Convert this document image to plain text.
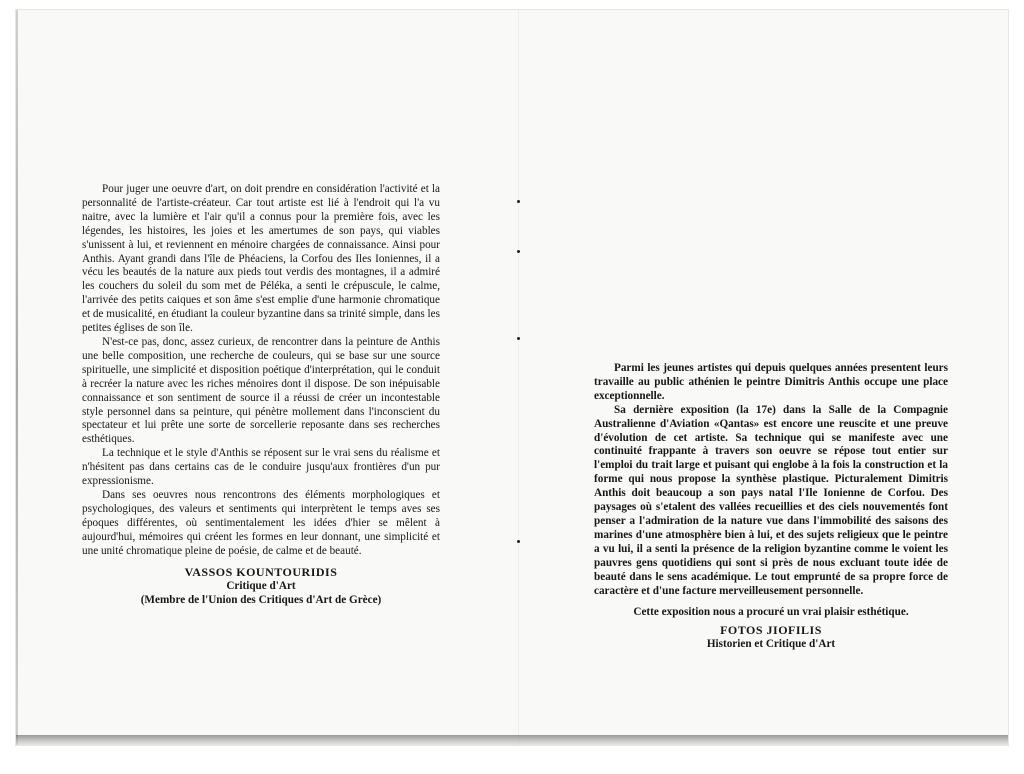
Pour juger une oeuvre d'art, on doit prendre en considération l'activité et la personnalité de l'artiste-créateur. Car tout artiste est lié à l'endroit qui l'a vu naitre, avec la lumière et l'air qu'il a connus pour la première fois, avec les légendes, les histoires, les joies et les amertumes de son pays, qui viables s'unissent à lui, et reviennent en ménoire chargées de connaissance. Ainsi pour Anthis. Ayant grandi dans l'île de Phéaciens, la Corfou des Iles Ioniennes, il a vécu les beautés de la nature aux pieds tout verdis des montagnes, il a admiré les couchers du soleil du som met de Péléka, a senti le crépuscule, le calme, l'arrivée des petits caiques et son âme s'est emplie d'une harmonie chromatique et de musicalité, en étudiant la couleur byzantine dans sa trinité simple, dans les petites églises de son île.

N'est-ce pas, donc, assez curieux, de rencontrer dans la peinture de Anthis une belle composition, une recherche de couleurs, qui se base sur une source spirituelle, une simplicité et disposition poétique d'interprétation, qui le conduit à recréer la nature avec les riches ménoires dont il dispose. De son inépuisable connaissance et son sentiment de source il a réussi de créer un incontestable style personnel dans sa peinture, qui pénètre mollement dans l'inconscient du spectateur et lui prête une sorte de sorcellerie reposante dans ses recherches esthétiques.

La technique et le style d'Anthis se réposent sur le vrai sens du réalisme et n'hésitent pas dans certains cas de le conduire jusqu'aux frontières d'un pur expressionisme.

Dans ses oeuvres nous rencontrons des éléments morphologiques et psychologiques, des valeurs et sentiments qui interprètent le temps aves ses époques différentes, où sentimentalement les idées d'hier se mêlent à aujourd'hui, mémoires qui créent les formes en leur donnant, une simplicité et une unité chromatique pleine de poésie, de calme et de beauté.

VASSOS KOUNTOURIDIS
Critique d'Art
(Membre de l'Union des Critiques d'Art de Grèce)

Parmi les jeunes artistes qui depuis quelques années presentent leurs travaille au public athénien le peintre Dimitris Anthis occupe une place exceptionnelle.

Sa dernière exposition (la 17e) dans la Salle de la Compagnie Australienne d'Aviation «Qantas» est encore une reuscite et une preuve d'évolution de cet artiste. Sa technique qui se manifeste avec une continuité frappante à travers son oeuvre se répose tout entier sur l'emploi du trait large et puisant qui englobe à la fois la construction et la forme qui nous propose la synthèse plastique. Picturalement Dimitris Anthis doit beaucoup a son pays natal l'Ile Ionienne de Corfou. Des paysages où s'etalent des vallées recueillies et des ciels nouvementés font penser a l'admiration de la nature vue dans l'immobilité des saisons des marines d'une atmosphère bien à lui, et des sujets religieux que le peintre a vu lui, il a senti la présence de la religion byzantine comme le voient les pauvres gens quotidiens qui sont si près de nous excluant toute idée de beauté dans le sens académique. Le tout emprunté de sa propre force de caractère et d'une facture merveilleusement personnelle.

Cette exposition nous a procuré un vrai plaisir esthétique.

FOTOS JIOFILIS
Historien et Critique d'Art
